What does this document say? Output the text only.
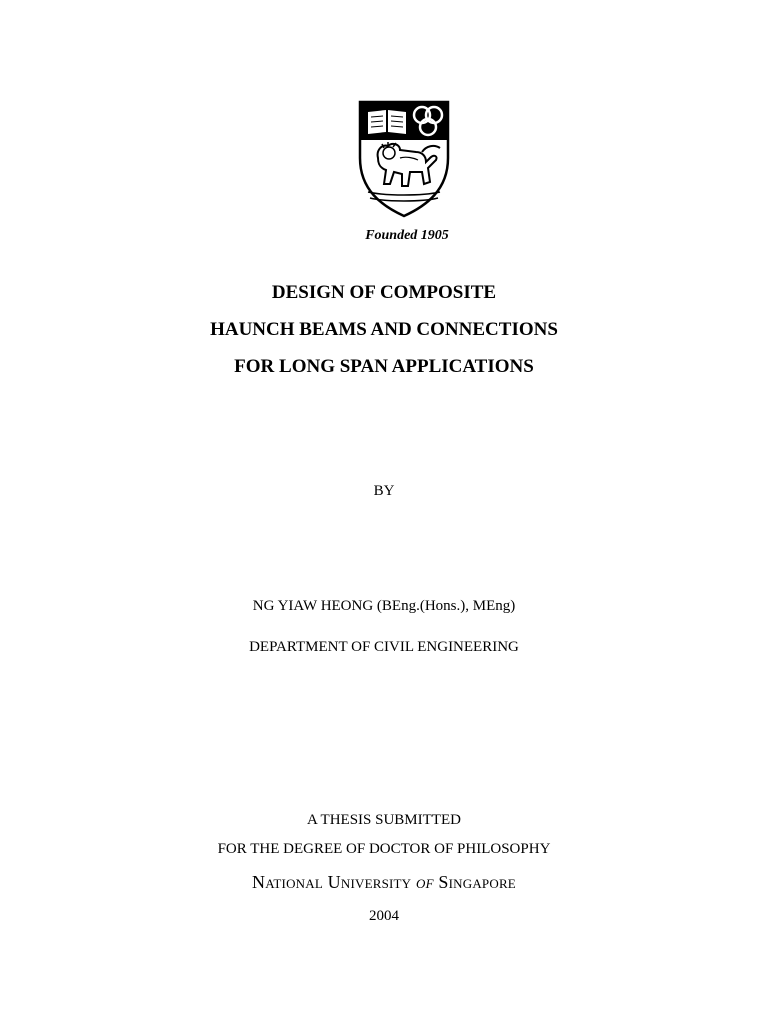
Founded 1905
DESIGN OF COMPOSITE
HAUNCH BEAMS AND CONNECTIONS
FOR LONG SPAN APPLICATIONS
BY
NG YIAW HEONG (BEng.(Hons.), MEng)
DEPARTMENT OF CIVIL ENGINEERING
A THESIS SUBMITTED
FOR THE DEGREE OF DOCTOR OF PHILOSOPHY
National University of Singapore
2004
